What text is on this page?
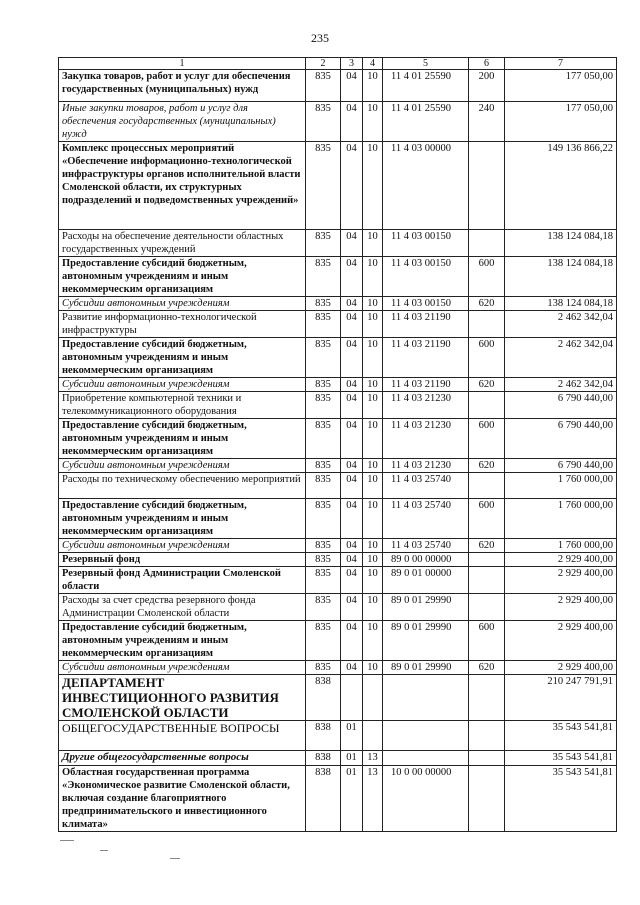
235
1	2	3	4	5	6	7
Закупка товаров, работ и услуг для обеспечения государственных (муниципальных) нужд	835	04	10	11 4 01 25590	200	177 050,00
Иные закупки товаров, работ и услуг для обеспечения государственных (муниципальных) нужд	835	04	10	11 4 01 25590	240	177 050,00
Комплекс процессных мероприятий «Обеспечение информационно-технологической инфраструктуры органов исполнительной власти Смоленской области, их структурных подразделений и подведомственных учреждений»	835	04	10	11 4 03 00000		149 136 866,22
Расходы на обеспечение деятельности областных государственных учреждений	835	04	10	11 4 03 00150		138 124 084,18
Предоставление субсидий бюджетным, автономным учреждениям и иным некоммерческим организациям	835	04	10	11 4 03 00150	600	138 124 084,18
Субсидии автономным учреждениям	835	04	10	11 4 03 00150	620	138 124 084,18
Развитие информационно-технологической инфраструктуры	835	04	10	11 4 03 21190		2 462 342,04
Предоставление субсидий бюджетным, автономным учреждениям и иным некоммерческим организациям	835	04	10	11 4 03 21190	600	2 462 342,04
Субсидии автономным учреждениям	835	04	10	11 4 03 21190	620	2 462 342,04
Приобретение компьютерной техники и телекоммуникационного оборудования	835	04	10	11 4 03 21230		6 790 440,00
Предоставление субсидий бюджетным, автономным учреждениям и иным некоммерческим организациям	835	04	10	11 4 03 21230	600	6 790 440,00
Субсидии автономным учреждениям	835	04	10	11 4 03 21230	620	6 790 440,00
Расходы по техническому обеспечению мероприятий	835	04	10	11 4 03 25740		1 760 000,00
Предоставление субсидий бюджетным, автономным учреждениям и иным некоммерческим организациям	835	04	10	11 4 03 25740	600	1 760 000,00
Субсидии автономным учреждениям	835	04	10	11 4 03 25740	620	1 760 000,00
Резервный фонд	835	04	10	89 0 00 00000		2 929 400,00
Резервный фонд Администрации Смоленской области	835	04	10	89 0 01 00000		2 929 400,00
Расходы за счет средства резервного фонда Администрации Смоленской области	835	04	10	89 0 01 29990		2 929 400,00
Предоставление субсидий бюджетным, автономным учреждениям и иным некоммерческим организациям	835	04	10	89 0 01 29990	600	2 929 400,00
Субсидии автономным учреждениям	835	04	10	89 0 01 29990	620	2 929 400,00
ДЕПАРТАМЕНТ ИНВЕСТИЦИОННОГО РАЗВИТИЯ СМОЛЕНСКОЙ ОБЛАСТИ	838					210 247 791,91
ОБЩЕГОСУДАРСТВЕННЫЕ ВОПРОСЫ	838	01				35 543 541,81
Другие общегосударственные вопросы	838	01	13			35 543 541,81
Областная государственная программа «Экономическое развитие Смоленской области, включая создание благоприятного предпринимательского и инвестиционного климата»	838	01	13	10 0 00 00000		35 543 541,81
